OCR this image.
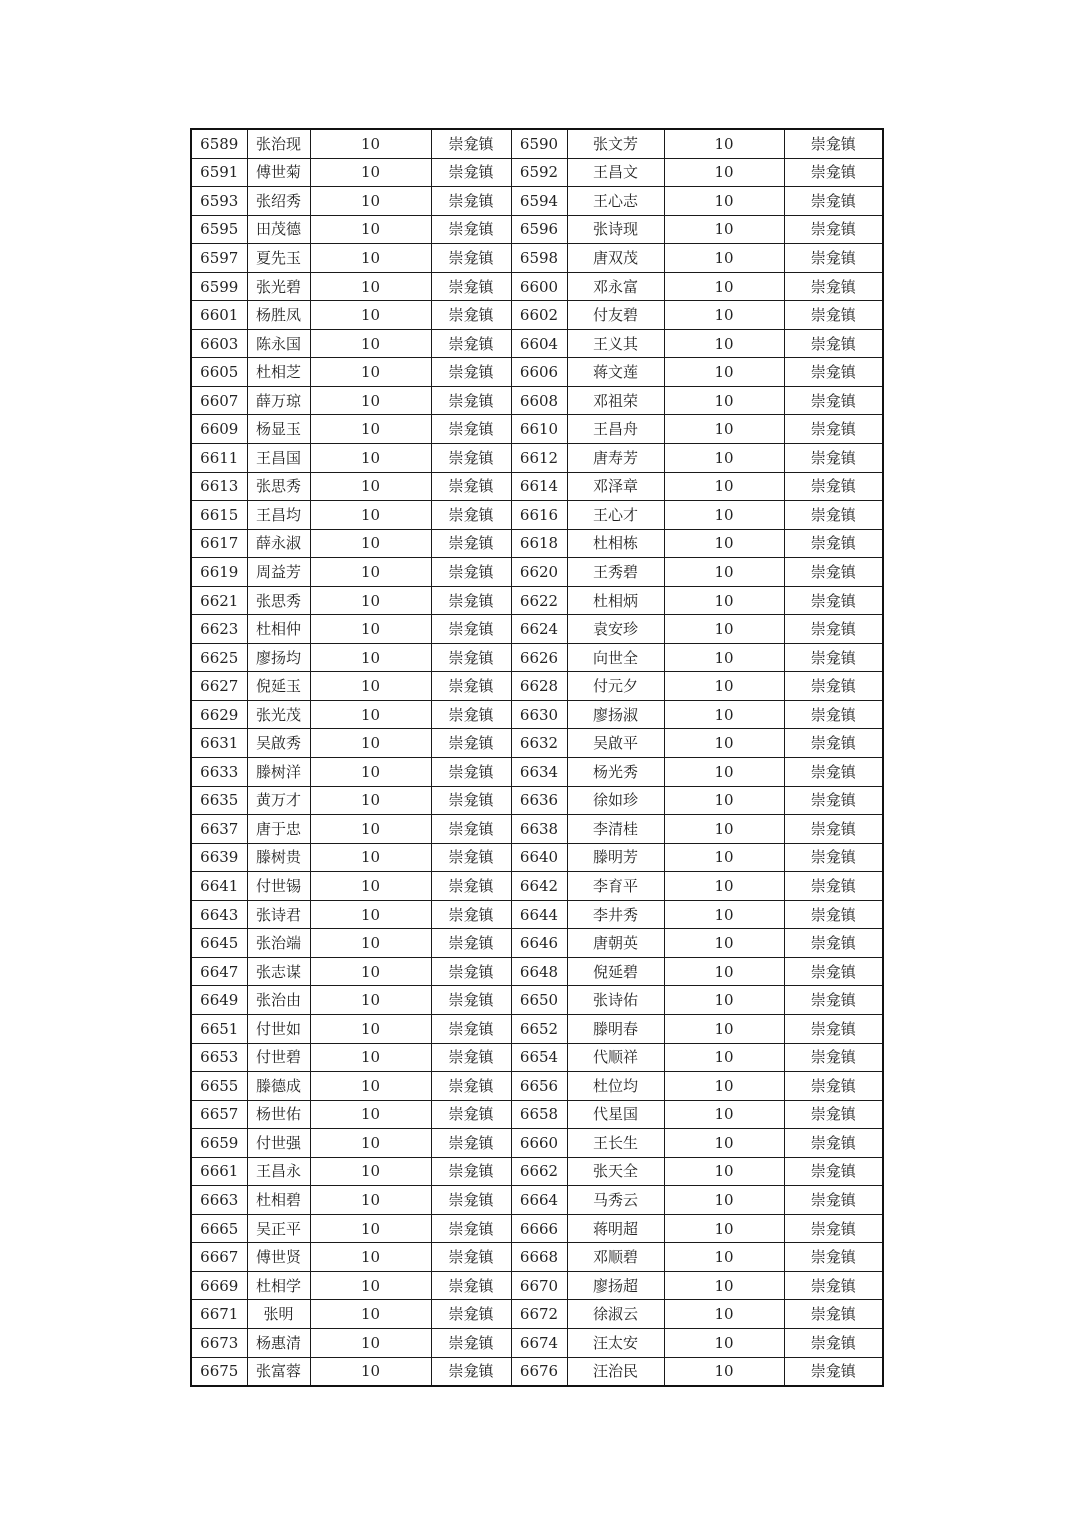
6589	张治现	10	崇龛镇	6590	张文芳	10	崇龛镇
6591	傅世菊	10	崇龛镇	6592	王昌文	10	崇龛镇
6593	张绍秀	10	崇龛镇	6594	王心志	10	崇龛镇
6595	田茂德	10	崇龛镇	6596	张诗现	10	崇龛镇
6597	夏先玉	10	崇龛镇	6598	唐双茂	10	崇龛镇
6599	张光碧	10	崇龛镇	6600	邓永富	10	崇龛镇
6601	杨胜凤	10	崇龛镇	6602	付友碧	10	崇龛镇
6603	陈永国	10	崇龛镇	6604	王义其	10	崇龛镇
6605	杜相芝	10	崇龛镇	6606	蒋文莲	10	崇龛镇
6607	薛万琼	10	崇龛镇	6608	邓祖荣	10	崇龛镇
6609	杨显玉	10	崇龛镇	6610	王昌舟	10	崇龛镇
6611	王昌国	10	崇龛镇	6612	唐寿芳	10	崇龛镇
6613	张思秀	10	崇龛镇	6614	邓泽章	10	崇龛镇
6615	王昌均	10	崇龛镇	6616	王心才	10	崇龛镇
6617	薛永淑	10	崇龛镇	6618	杜相栋	10	崇龛镇
6619	周益芳	10	崇龛镇	6620	王秀碧	10	崇龛镇
6621	张思秀	10	崇龛镇	6622	杜相炳	10	崇龛镇
6623	杜相仲	10	崇龛镇	6624	袁安珍	10	崇龛镇
6625	廖扬均	10	崇龛镇	6626	向世全	10	崇龛镇
6627	倪延玉	10	崇龛镇	6628	付元夕	10	崇龛镇
6629	张光茂	10	崇龛镇	6630	廖扬淑	10	崇龛镇
6631	吴啟秀	10	崇龛镇	6632	吴啟平	10	崇龛镇
6633	滕树洋	10	崇龛镇	6634	杨光秀	10	崇龛镇
6635	黄万才	10	崇龛镇	6636	徐如珍	10	崇龛镇
6637	唐于忠	10	崇龛镇	6638	李清桂	10	崇龛镇
6639	滕树贵	10	崇龛镇	6640	滕明芳	10	崇龛镇
6641	付世锡	10	崇龛镇	6642	李育平	10	崇龛镇
6643	张诗君	10	崇龛镇	6644	李井秀	10	崇龛镇
6645	张治端	10	崇龛镇	6646	唐朝英	10	崇龛镇
6647	张志谋	10	崇龛镇	6648	倪延碧	10	崇龛镇
6649	张治由	10	崇龛镇	6650	张诗佑	10	崇龛镇
6651	付世如	10	崇龛镇	6652	滕明春	10	崇龛镇
6653	付世碧	10	崇龛镇	6654	代顺祥	10	崇龛镇
6655	滕德成	10	崇龛镇	6656	杜位均	10	崇龛镇
6657	杨世佑	10	崇龛镇	6658	代星国	10	崇龛镇
6659	付世强	10	崇龛镇	6660	王长生	10	崇龛镇
6661	王昌永	10	崇龛镇	6662	张天全	10	崇龛镇
6663	杜相碧	10	崇龛镇	6664	马秀云	10	崇龛镇
6665	吴正平	10	崇龛镇	6666	蒋明超	10	崇龛镇
6667	傅世贤	10	崇龛镇	6668	邓顺碧	10	崇龛镇
6669	杜相学	10	崇龛镇	6670	廖扬超	10	崇龛镇
6671	张明	10	崇龛镇	6672	徐淑云	10	崇龛镇
6673	杨惠清	10	崇龛镇	6674	汪太安	10	崇龛镇
6675	张富蓉	10	崇龛镇	6676	汪治民	10	崇龛镇
